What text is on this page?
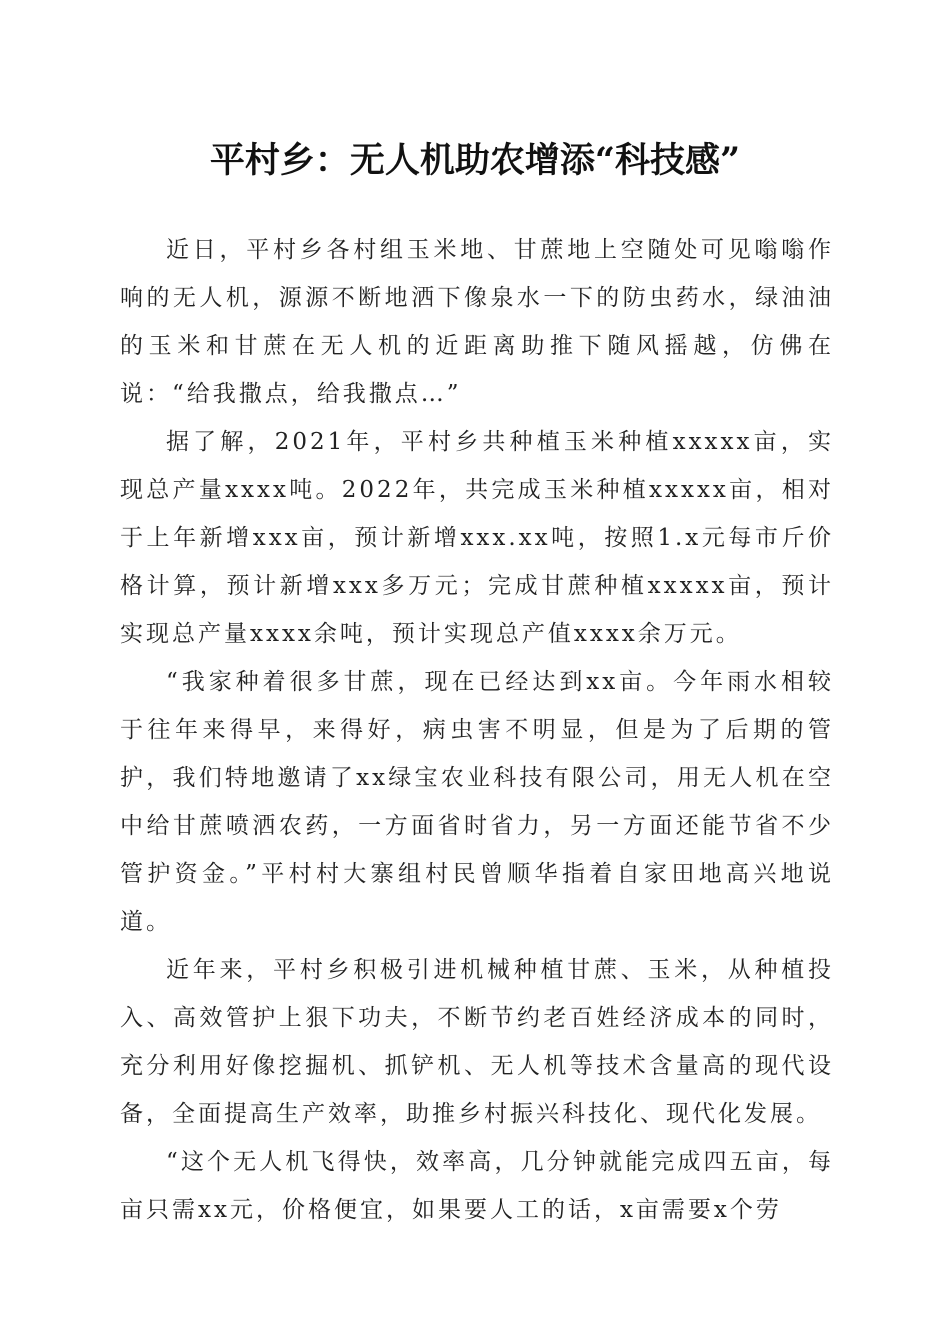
平村乡：无人机助农增添“科技感”

近日，平村乡各村组玉米地、甘蔗地上空随处可见嗡嗡作响的无人机，源源不断地洒下像泉水一下的防虫药水，绿油油的玉米和甘蔗在无人机的近距离助推下随风摇越，仿佛在说：“给我撒点，给我撒点…”

据了解，2021年，平村乡共种植玉米种植xxxxx亩，实现总产量xxxx吨。2022年，共完成玉米种植xxxxx亩，相对于上年新增xxx亩，预计新增xxx.xx吨，按照1.x元每市斤价格计算，预计新增xxx多万元；完成甘蔗种植xxxxx亩，预计实现总产量xxxx余吨，预计实现总产值xxxx余万元。

“我家种着很多甘蔗，现在已经达到xx亩。今年雨水相较于往年来得早，来得好，病虫害不明显，但是为了后期的管护，我们特地邀请了xx绿宝农业科技有限公司，用无人机在空中给甘蔗喷洒农药，一方面省时省力，另一方面还能节省不少管护资金。”平村村大寨组村民曾顺华指着自家田地高兴地说道。

近年来，平村乡积极引进机械种植甘蔗、玉米，从种植投入、高效管护上狠下功夫，不断节约老百姓经济成本的同时，充分利用好像挖掘机、抓铲机、无人机等技术含量高的现代设备，全面提高生产效率，助推乡村振兴科技化、现代化发展。

“这个无人机飞得快，效率高，几分钟就能完成四五亩，每亩只需xx元，价格便宜，如果要人工的话，x亩需要x个劳
